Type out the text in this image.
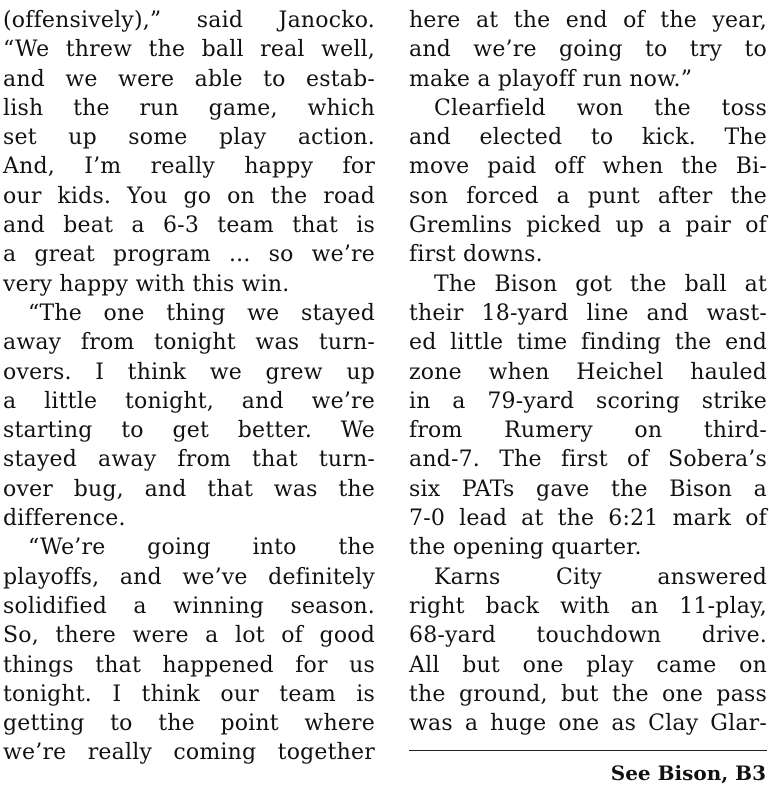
(offensively),” said Janocko.
“We threw the ball real well,
and we were able to estab-
lish the run game, which
set up some play action.
And, I’m really happy for
our kids. You go on the road
and beat a 6-3 team that is
a great program ... so we’re
very happy with this win.
“The one thing we stayed
away from tonight was turn-
overs. I think we grew up
a little tonight, and we’re
starting to get better. We
stayed away from that turn-
over bug, and that was the
difference.
“We’re going into the
playoffs, and we’ve definitely
solidified a winning season.
So, there were a lot of good
things that happened for us
tonight. I think our team is
getting to the point where
we’re really coming together
here at the end of the year,
and we’re going to try to
make a playoff run now.”
Clearfield won the toss
and elected to kick. The
move paid off when the Bi-
son forced a punt after the
Gremlins picked up a pair of
first downs.
The Bison got the ball at
their 18-yard line and wast-
ed little time finding the end
zone when Heichel hauled
in a 79-yard scoring strike
from Rumery on third-
and-7. The first of Sobera’s
six PATs gave the Bison a
7-0 lead at the 6:21 mark of
the opening quarter.
Karns City answered
right back with an 11-play,
68-yard touchdown drive.
All but one play came on
the ground, but the one pass
was a huge one as Clay Glar-
See Bison, B3
